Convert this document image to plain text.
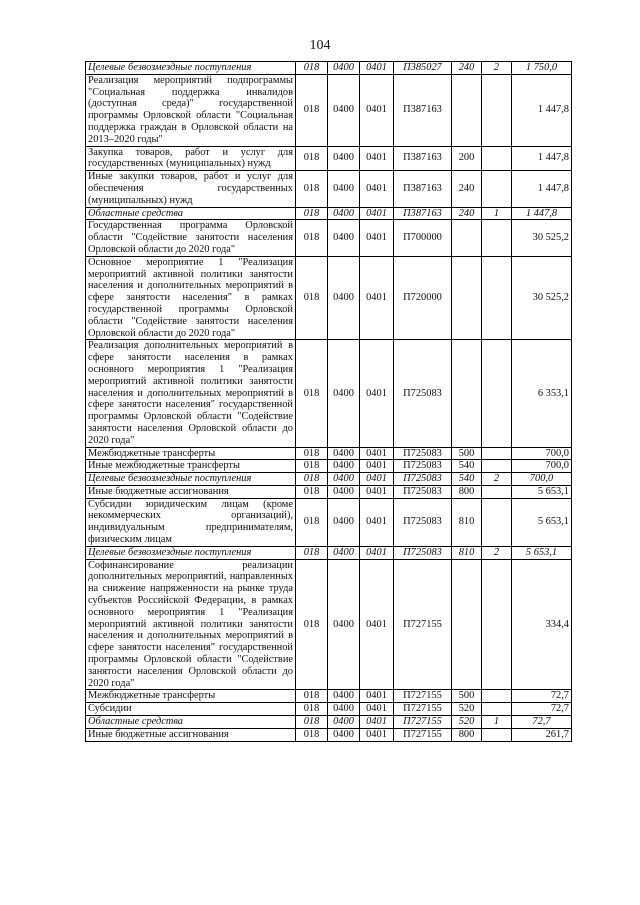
104
Целевые безвозмездные поступления	018	0400	0401	П385027	240	2	1 750,0
Реализация мероприятий подпрограммы "Социальная поддержка инвалидов (доступная среда)" государственной программы Орловской области "Социальная поддержка граждан в Орловской области на 2013–2020 годы"	018	0400	0401	П387163			1 447,8
Закупка товаров, работ и услуг для государственных (муниципальных) нужд	018	0400	0401	П387163	200		1 447,8
Иные закупки товаров, работ и услуг для обеспечения государственных (муниципальных) нужд	018	0400	0401	П387163	240		1 447,8
Областные средства	018	0400	0401	П387163	240	1	1 447,8
Государственная программа Орловской области "Содействие занятости населения Орловской области до 2020 года"	018	0400	0401	П700000			30 525,2
Основное мероприятие 1 "Реализация мероприятий активной политики занятости населения и дополнительных мероприятий в сфере занятости населения" в рамках государственной программы Орловской области "Содействие занятости населения Орловской области до 2020 года"	018	0400	0401	П720000			30 525,2
Реализация дополнительных мероприятий в сфере занятости населения в рамках основного мероприятия 1 "Реализация мероприятий активной политики занятости населения и дополнительных мероприятий в сфере занятости населения" государственной программы Орловской области "Содействие занятости населения Орловской области до 2020 года"	018	0400	0401	П725083			6 353,1
Межбюджетные трансферты	018	0400	0401	П725083	500		700,0
Иные межбюджетные трансферты	018	0400	0401	П725083	540		700,0
Целевые безвозмездные поступления	018	0400	0401	П725083	540	2	700,0
Иные бюджетные ассигнования	018	0400	0401	П725083	800		5 653,1
Субсидии юридическим лицам (кроме некоммерческих организаций), индивидуальным предпринимателям, физическим лицам	018	0400	0401	П725083	810		5 653,1
Целевые безвозмездные поступления	018	0400	0401	П725083	810	2	5 653,1
Софинансирование реализации дополнительных мероприятий, направленных на снижение напряженности на рынке труда субъектов Российской Федерации, в рамках основного мероприятия 1 "Реализация мероприятий активной политики занятости населения и дополнительных мероприятий в сфере занятости населения" государственной программы Орловской области "Содействие занятости населения Орловской области до 2020 года"	018	0400	0401	П727155			334,4
Межбюджетные трансферты	018	0400	0401	П727155	500		72,7
Субсидии	018	0400	0401	П727155	520		72,7
Областные средства	018	0400	0401	П727155	520	1	72,7
Иные бюджетные ассигнования	018	0400	0401	П727155	800		261,7
